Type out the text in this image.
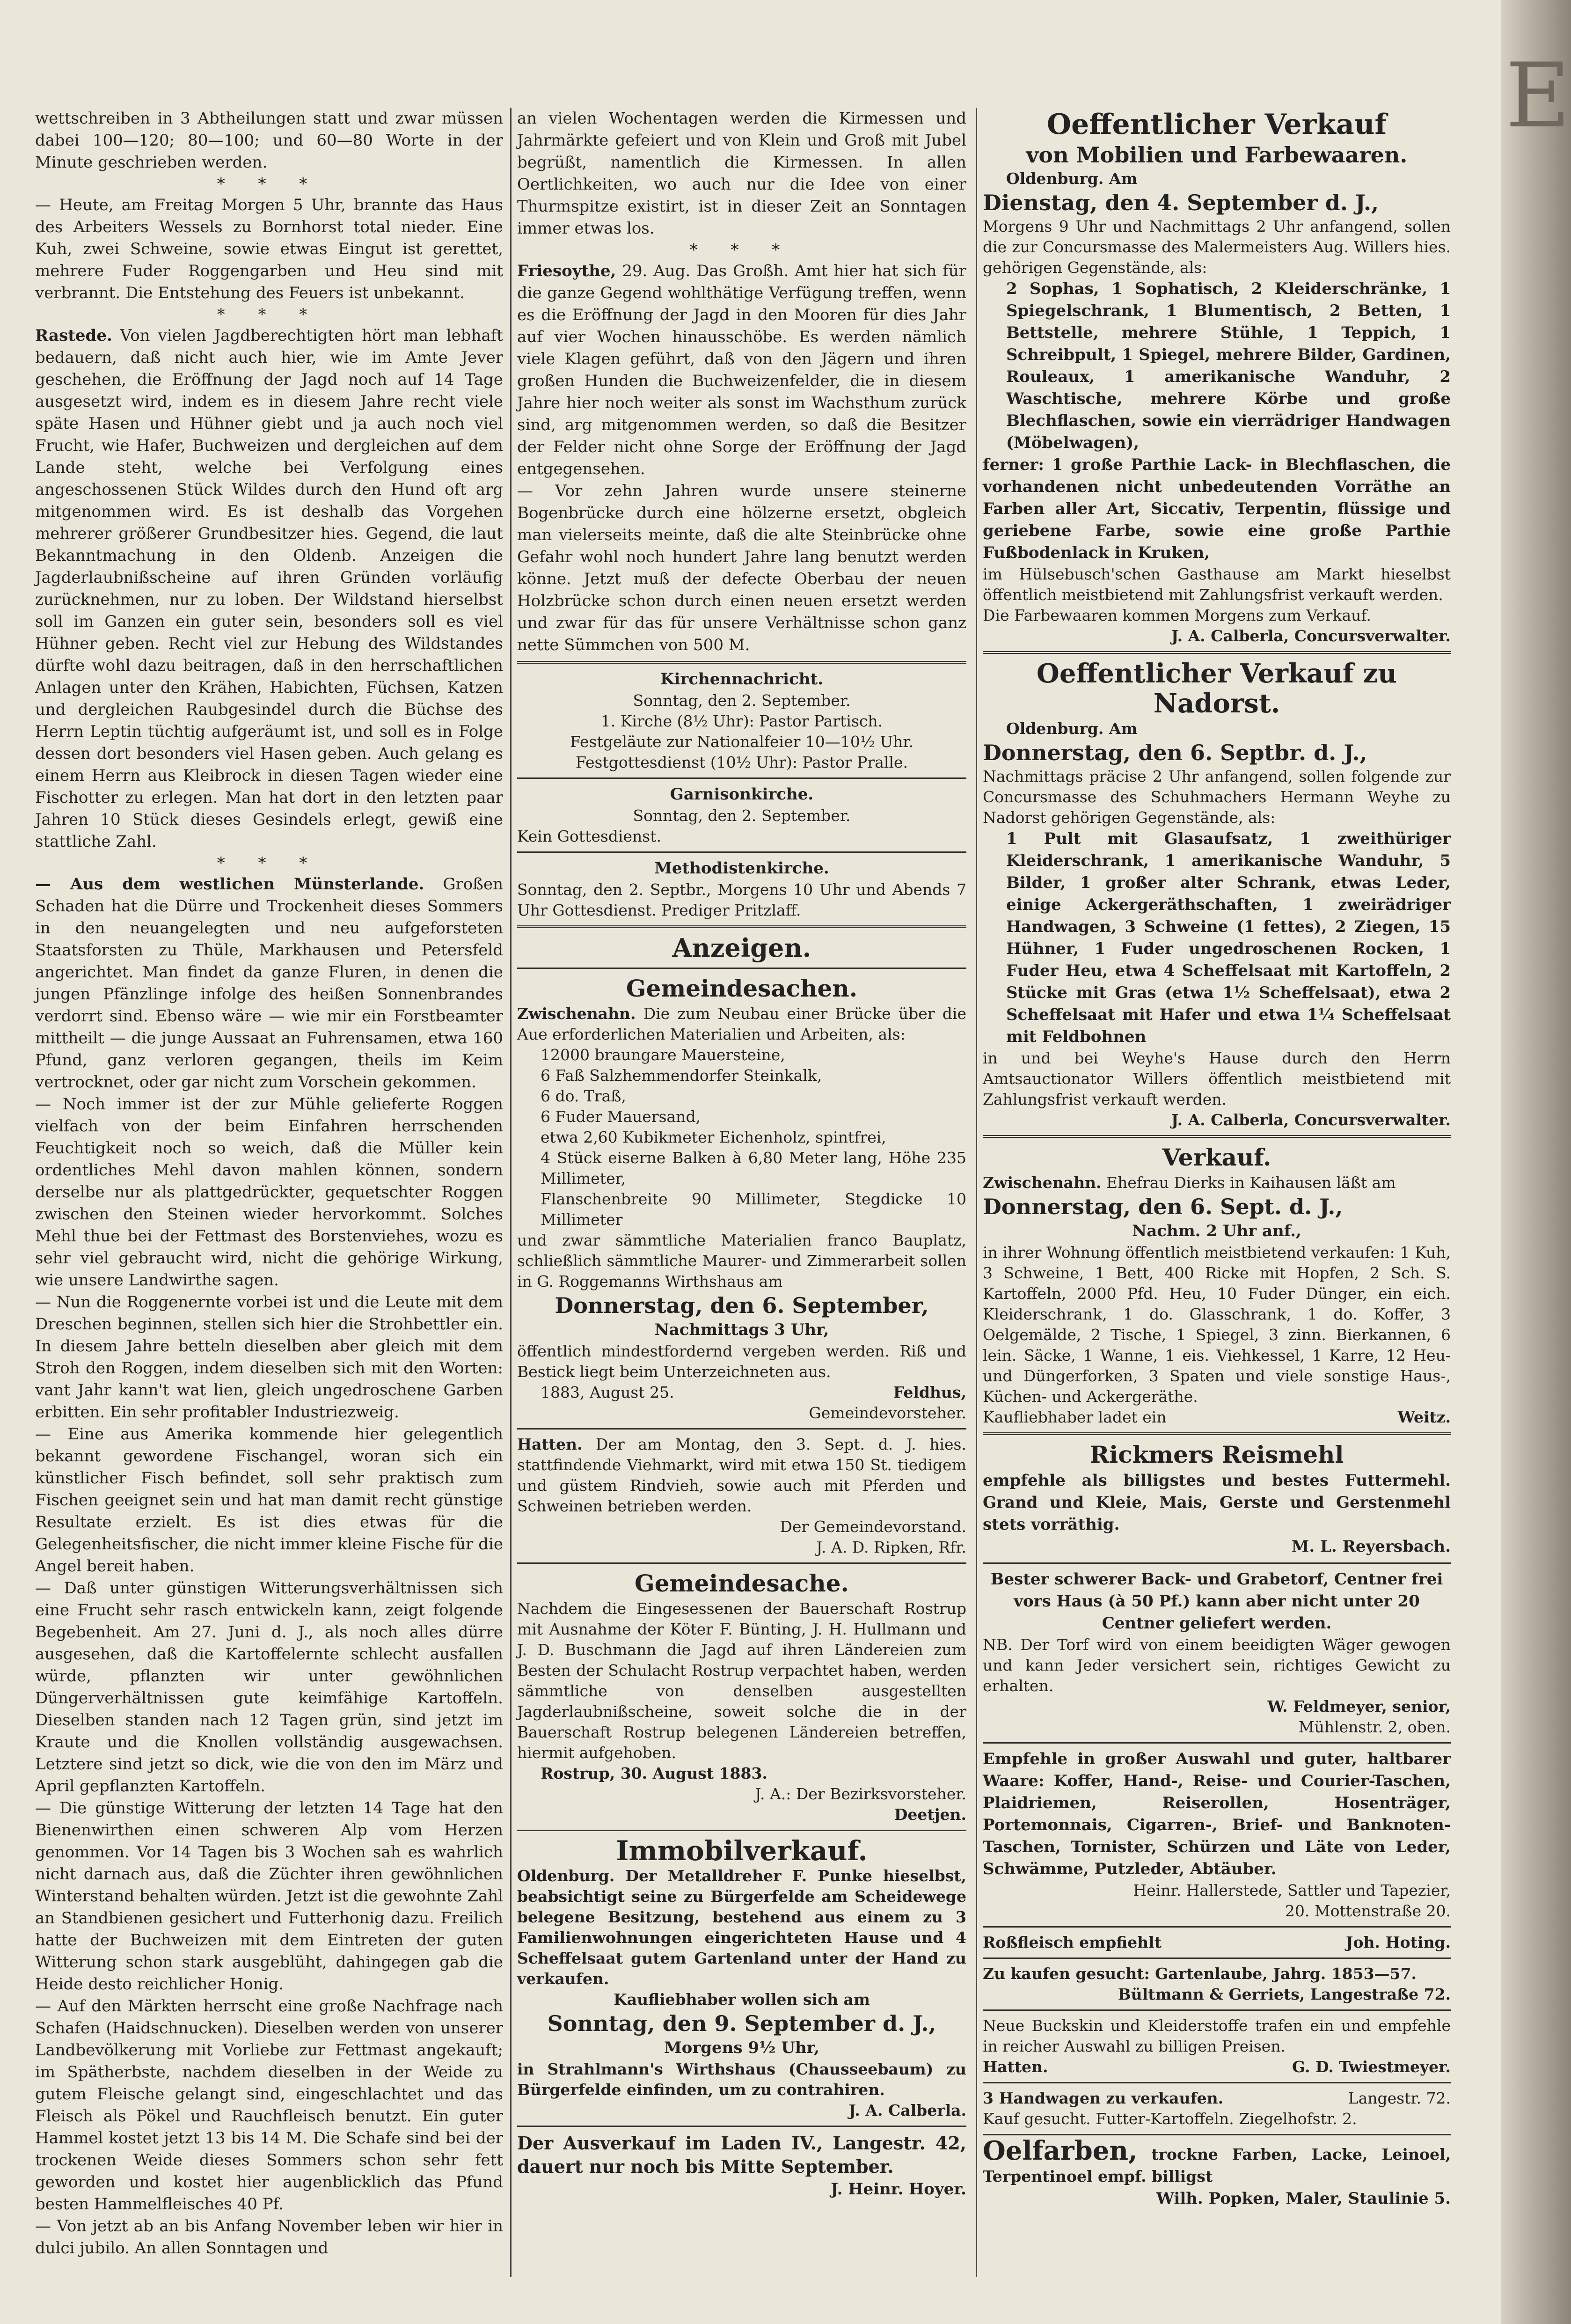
E

wettschreiben in 3 Abtheilungen statt und zwar müssen dabei 100—120; 80—100; und 60—80 Worte in der Minute geschrieben werden.

* * *

— Heute, am Freitag Morgen 5 Uhr, brannte das Haus des Arbeiters Wessels zu Bornhorst total nieder. Eine Kuh, zwei Schweine, sowie etwas Eingut ist gerettet, mehrere Fuder Roggengarben und Heu sind mit verbrannt. Die Entstehung des Feuers ist unbekannt.

* * *

Rastede. Von vielen Jagdberechtigten hört man lebhaft bedauern, daß nicht auch hier, wie im Amte Jever geschehen, die Eröffnung der Jagd noch auf 14 Tage ausgesetzt wird, indem es in diesem Jahre recht viele späte Hasen und Hühner giebt und ja auch noch viel Frucht, wie Hafer, Buchweizen und dergleichen auf dem Lande steht, welche bei Verfolgung eines angeschossenen Stück Wildes durch den Hund oft arg mitgenommen wird. Es ist deshalb das Vorgehen mehrerer größerer Grundbesitzer hies. Gegend, die laut Bekanntmachung in den Oldenb. Anzeigen die Jagderlaubnißscheine auf ihren Gründen vorläufig zurücknehmen, nur zu loben. Der Wildstand hierselbst soll im Ganzen ein guter sein, besonders soll es viel Hühner geben. Recht viel zur Hebung des Wildstandes dürfte wohl dazu beitragen, daß in den herrschaftlichen Anlagen unter den Krähen, Habichten, Füchsen, Katzen und dergleichen Raubgesindel durch die Büchse des Herrn Leptin tüchtig aufgeräumt ist, und soll es in Folge dessen dort besonders viel Hasen geben. Auch gelang es einem Herrn aus Kleibrock in diesen Tagen wieder eine Fischotter zu erlegen. Man hat dort in den letzten paar Jahren 10 Stück dieses Gesindels erlegt, gewiß eine stattliche Zahl.

* * *

— Aus dem westlichen Münsterlande. Großen Schaden hat die Dürre und Trockenheit dieses Sommers in den neuangelegten und neu aufgeforsteten Staatsforsten zu Thüle, Markhausen und Petersfeld angerichtet. Man findet da ganze Fluren, in denen die jungen Pfänzlinge infolge des heißen Sonnenbrandes verdorrt sind. Ebenso wäre — wie mir ein Forstbeamter mittheilt — die junge Aussaat an Fuhrensamen, etwa 160 Pfund, ganz verloren gegangen, theils im Keim vertrocknet, oder gar nicht zum Vorschein gekommen.

— Noch immer ist der zur Mühle gelieferte Roggen vielfach von der beim Einfahren herrschenden Feuchtigkeit noch so weich, daß die Müller kein ordentliches Mehl davon mahlen können, sondern derselbe nur als plattgedrückter, gequetschter Roggen zwischen den Steinen wieder hervorkommt. Solches Mehl thue bei der Fettmast des Borstenviehes, wozu es sehr viel gebraucht wird, nicht die gehörige Wirkung, wie unsere Landwirthe sagen.

— Nun die Roggenernte vorbei ist und die Leute mit dem Dreschen beginnen, stellen sich hier die Strohbettler ein. In diesem Jahre betteln dieselben aber gleich mit dem Stroh den Roggen, indem dieselben sich mit den Worten: vant Jahr kann't wat lien, gleich ungedroschene Garben erbitten. Ein sehr profitabler Industriezweig.

— Eine aus Amerika kommende hier gelegentlich bekannt gewordene Fischangel, woran sich ein künstlicher Fisch befindet, soll sehr praktisch zum Fischen geeignet sein und hat man damit recht günstige Resultate erzielt. Es ist dies etwas für die Gelegenheitsfischer, die nicht immer kleine Fische für die Angel bereit haben.

— Daß unter günstigen Witterungsverhältnissen sich eine Frucht sehr rasch entwickeln kann, zeigt folgende Begebenheit. Am 27. Juni d. J., als noch alles dürre ausgesehen, daß die Kartoffelernte schlecht ausfallen würde, pflanzten wir unter gewöhnlichen Düngerverhältnissen gute keimfähige Kartoffeln. Dieselben standen nach 12 Tagen grün, sind jetzt im Kraute und die Knollen vollständig ausgewachsen. Letztere sind jetzt so dick, wie die von den im März und April gepflanzten Kartoffeln.

— Die günstige Witterung der letzten 14 Tage hat den Bienenwirthen einen schweren Alp vom Herzen genommen. Vor 14 Tagen bis 3 Wochen sah es wahrlich nicht darnach aus, daß die Züchter ihren gewöhnlichen Winterstand behalten würden. Jetzt ist die gewohnte Zahl an Standbienen gesichert und Futterhonig dazu. Freilich hatte der Buchweizen mit dem Eintreten der guten Witterung schon stark ausgeblüht, dahingegen gab die Heide desto reichlicher Honig.

— Auf den Märkten herrscht eine große Nachfrage nach Schafen (Haidschnucken). Dieselben werden von unserer Landbevölkerung mit Vorliebe zur Fettmast angekauft; im Spätherbste, nachdem dieselben in der Weide zu gutem Fleische gelangt sind, eingeschlachtet und das Fleisch als Pökel und Rauchfleisch benutzt. Ein guter Hammel kostet jetzt 13 bis 14 M. Die Schafe sind bei der trockenen Weide dieses Sommers schon sehr fett geworden und kostet hier augenblicklich das Pfund besten Hammelfleisches 40 Pf.

— Von jetzt ab an bis Anfang November leben wir hier in dulci jubilo. An allen Sonntagen und

an vielen Wochentagen werden die Kirmessen und Jahrmärkte gefeiert und von Klein und Groß mit Jubel begrüßt, namentlich die Kirmessen. In allen Oertlichkeiten, wo auch nur die Idee von einer Thurmspitze existirt, ist in dieser Zeit an Sonntagen immer etwas los.

* * *

Friesoythe, 29. Aug. Das Großh. Amt hier hat sich für die ganze Gegend wohlthätige Verfügung treffen, wenn es die Eröffnung der Jagd in den Mooren für dies Jahr auf vier Wochen hinausschöbe. Es werden nämlich viele Klagen geführt, daß von den Jägern und ihren großen Hunden die Buchweizenfelder, die in diesem Jahre hier noch weiter als sonst im Wachsthum zurück sind, arg mitgenommen werden, so daß die Besitzer der Felder nicht ohne Sorge der Eröffnung der Jagd entgegensehen.

— Vor zehn Jahren wurde unsere steinerne Bogenbrücke durch eine hölzerne ersetzt, obgleich man vielerseits meinte, daß die alte Steinbrücke ohne Gefahr wohl noch hundert Jahre lang benutzt werden könne. Jetzt muß der defecte Oberbau der neuen Holzbrücke schon durch einen neuen ersetzt werden und zwar für das für unsere Verhältnisse schon ganz nette Sümmchen von 500 M.

Kirchennachricht.
Sonntag, den 2. September.
1. Kirche (8½ Uhr): Pastor Partisch.
Festgeläute zur Nationalfeier 10—10½ Uhr.
Festgottesdienst (10½ Uhr): Pastor Pralle.
Garnisonkirche.
Sonntag, den 2. September.
Kein Gottesdienst.
Methodistenkirche.
Sonntag, den 2. Septbr., Morgens 10 Uhr und Abends 7 Uhr Gottesdienst. Prediger Pritzlaff.
Anzeigen.
Gemeindesachen.

Zwischenahn. Die zum Neubau einer Brücke über die Aue erforderlichen Materialien und Arbeiten, als:

12000 braungare Mauersteine,
6 Faß Salzhemmendorfer Steinkalk,
6 do. Traß,
6 Fuder Mauersand,
etwa 2,60 Kubikmeter Eichenholz, spintfrei,
4 Stück eiserne Balken à 6,80 Meter lang, Höhe 235 Millimeter,
Flanschenbreite 90 Millimeter, Stegdicke 10 Millimeter

und zwar sämmtliche Materialien franco Bauplatz, schließlich sämmtliche Maurer- und Zimmerarbeit sollen in G. Roggemanns Wirthshaus am

Donnerstag, den 6. September,
Nachmittags 3 Uhr,

öffentlich mindestfordernd vergeben werden. Riß und Bestick liegt beim Unterzeichneten aus.

1883, August 25.	Feldhus,
Gemeindevorsteher.

Hatten. Der am Montag, den 3. Sept. d. J. hies. stattfindende Viehmarkt, wird mit etwa 150 St. tiedigem und güstem Rindvieh, sowie auch mit Pferden und Schweinen betrieben werden.

Der Gemeindevorstand.
J. A. D. Ripken, Rfr.
Gemeindesache.

Nachdem die Eingesessenen der Bauerschaft Rostrup mit Ausnahme der Köter F. Bünting, J. H. Hullmann und J. D. Buschmann die Jagd auf ihren Ländereien zum Besten der Schulacht Rostrup verpachtet haben, werden sämmtliche von denselben ausgestellten Jagderlaubnißscheine, soweit solche die in der Bauerschaft Rostrup belegenen Ländereien betreffen, hiermit aufgehoben.

Rostrup, 30. August 1883.
J. A.: Der Bezirksvorsteher.
Deetjen.
Immobilverkauf.

Oldenburg. Der Metalldreher F. Punke hieselbst, beabsichtigt seine zu Bürgerfelde am Scheidewege belegene Besitzung, bestehend aus einem zu 3 Familienwohnungen eingerichteten Hause und 4 Scheffelsaat gutem Gartenland unter der Hand zu verkaufen.

Kaufliebhaber wollen sich am
Sonntag, den 9. September d. J.,
Morgens 9½ Uhr,

in Strahlmann's Wirthshaus (Chausseebaum) zu Bürgerfelde einfinden, um zu contrahiren.

J. A. Calberla.

Der Ausverkauf im Laden IV., Langestr. 42, dauert nur noch bis Mitte September.

J. Heinr. Hoyer.
Oeffentlicher Verkauf
von Mobilien und Farbewaaren.
Oldenburg. Am
Dienstag, den 4. September d. J.,

Morgens 9 Uhr und Nachmittags 2 Uhr anfangend, sollen die zur Concursmasse des Malermeisters Aug. Willers hies. gehörigen Gegenstände, als:

2 Sophas, 1 Sophatisch, 2 Kleiderschränke, 1 Spiegelschrank, 1 Blumentisch, 2 Betten, 1 Bettstelle, mehrere Stühle, 1 Teppich, 1 Schreibpult, 1 Spiegel, mehrere Bilder, Gardinen, Rouleaux, 1 amerikanische Wanduhr, 2 Waschtische, mehrere Körbe und große Blechflaschen, sowie ein vierrädriger Handwagen (Möbelwagen),

ferner: 1 große Parthie Lack- in Blechflaschen, die vorhandenen nicht unbedeutenden Vorräthe an Farben aller Art, Siccativ, Terpentin, flüssige und geriebene Farbe, sowie eine große Parthie Fußbodenlack in Kruken,

im Hülsebusch'schen Gasthause am Markt hieselbst öffentlich meistbietend mit Zahlungsfrist verkauft werden.

Die Farbewaaren kommen Morgens zum Verkauf.

J. A. Calberla, Concursverwalter.
Oeffentlicher Verkauf zu Nadorst.
Oldenburg. Am
Donnerstag, den 6. Septbr. d. J.,

Nachmittags präcise 2 Uhr anfangend, sollen folgende zur Concursmasse des Schuhmachers Hermann Weyhe zu Nadorst gehörigen Gegenstände, als:

1 Pult mit Glasaufsatz, 1 zweithüriger Kleiderschrank, 1 amerikanische Wanduhr, 5 Bilder, 1 großer alter Schrank, etwas Leder, einige Ackergeräthschaften, 1 zweirädriger Handwagen, 3 Schweine (1 fettes), 2 Ziegen, 15 Hühner, 1 Fuder ungedroschenen Rocken, 1 Fuder Heu, etwa 4 Scheffelsaat mit Kartoffeln, 2 Stücke mit Gras (etwa 1½ Scheffelsaat), etwa 2 Scheffelsaat mit Hafer und etwa 1¼ Scheffelsaat mit Feldbohnen

in und bei Weyhe's Hause durch den Herrn Amtsauctionator Willers öffentlich meistbietend mit Zahlungsfrist verkauft werden.

J. A. Calberla, Concursverwalter.
Verkauf.

Zwischenahn. Ehefrau Dierks in Kaihausen läßt am

Donnerstag, den 6. Sept. d. J.,
Nachm. 2 Uhr anf.,

in ihrer Wohnung öffentlich meistbietend verkaufen: 1 Kuh, 3 Schweine, 1 Bett, 400 Ricke mit Hopfen, 2 Sch. S. Kartoffeln, 2000 Pfd. Heu, 10 Fuder Dünger, ein eich. Kleiderschrank, 1 do. Glasschrank, 1 do. Koffer, 3 Oelgemälde, 2 Tische, 1 Spiegel, 3 zinn. Bierkannen, 6 lein. Säcke, 1 Wanne, 1 eis. Viehkessel, 1 Karre, 12 Heu- und Düngerforken, 3 Spaten und viele sonstige Haus-, Küchen- und Ackergeräthe.

Kaufliebhaber ladet ein	Weitz.
Rickmers Reismehl

empfehle als billigstes und bestes Futtermehl. Grand und Kleie, Mais, Gerste und Gerstenmehl stets vorräthig.

M. L. Reyersbach.

Bester schwerer Back- und Grabetorf, Centner frei vors Haus (à 50 Pf.) kann aber nicht unter 20 Centner geliefert werden.

NB. Der Torf wird von einem beeidigten Wäger gewogen und kann Jeder versichert sein, richtiges Gewicht zu erhalten.

W. Feldmeyer, senior,
Mühlenstr. 2, oben.

Empfehle in großer Auswahl und guter, haltbarer Waare: Koffer, Hand-, Reise- und Courier-Taschen, Plaidriemen, Reiserollen, Hosenträger, Portemonnais, Cigarren-, Brief- und Banknoten-Taschen, Tornister, Schürzen und Läte von Leder, Schwämme, Putzleder, Abtäuber.

Heinr. Hallerstede, Sattler und Tapezier,
20. Mottenstraße 20.
Roßfleisch empfiehlt	Joh. Hoting.

Zu kaufen gesucht: Gartenlaube, Jahrg. 1853—57.

Bültmann & Gerriets, Langestraße 72.

Neue Buckskin und Kleiderstoffe trafen ein und empfehle in reicher Auswahl zu billigen Preisen.

Hatten.	G. D. Twiestmeyer.
3 Handwagen zu verkaufen.	Langestr. 72.
Kauf gesucht. Futter-Kartoffeln. Ziegelhofstr. 2.

Oelfarben, trockne Farben, Lacke, Leinoel, Terpentinoel empf. billigst

Wilh. Popken, Maler, Staulinie 5.
